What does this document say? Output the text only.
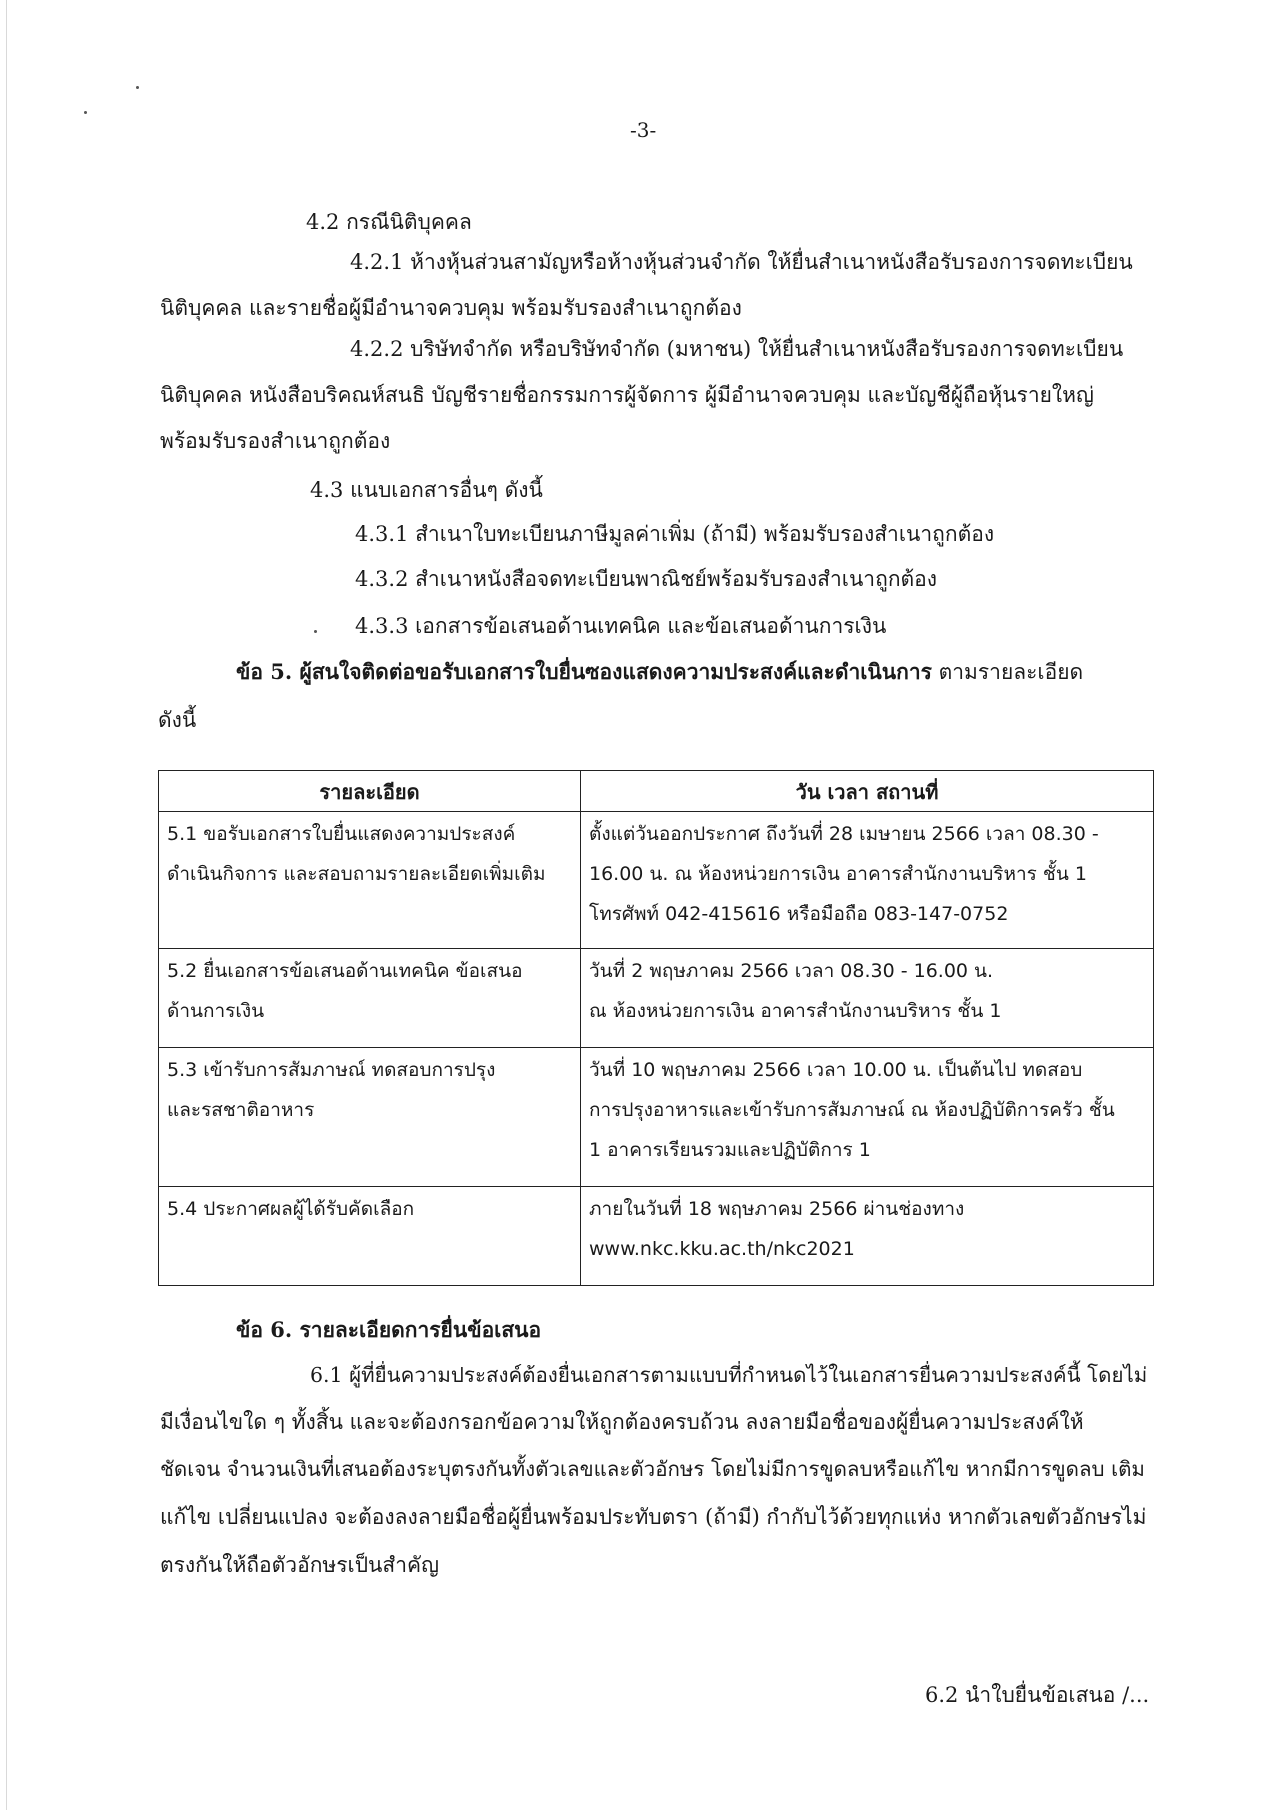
-3-
4.2 กรณีนิติบุคคล
4.2.1 ห้างหุ้นส่วนสามัญหรือห้างหุ้นส่วนจำกัด ให้ยื่นสำเนาหนังสือรับรองการจดทะเบียน
นิติบุคคล และรายชื่อผู้มีอำนาจควบคุม พร้อมรับรองสำเนาถูกต้อง
4.2.2 บริษัทจำกัด หรือบริษัทจำกัด (มหาชน) ให้ยื่นสำเนาหนังสือรับรองการจดทะเบียน
นิติบุคคล หนังสือบริคณห์สนธิ บัญชีรายชื่อกรรมการผู้จัดการ ผู้มีอำนาจควบคุม และบัญชีผู้ถือหุ้นรายใหญ่
พร้อมรับรองสำเนาถูกต้อง
4.3 แนบเอกสารอื่นๆ ดังนี้
4.3.1 สำเนาใบทะเบียนภาษีมูลค่าเพิ่ม (ถ้ามี) พร้อมรับรองสำเนาถูกต้อง
4.3.2 สำเนาหนังสือจดทะเบียนพาณิชย์พร้อมรับรองสำเนาถูกต้อง
4.3.3 เอกสารข้อเสนอด้านเทคนิค และข้อเสนอด้านการเงิน
ข้อ 5. ผู้สนใจติดต่อขอรับเอกสารใบยื่นซองแสดงความประสงค์และดำเนินการ ตามรายละเอียด
ดังนี้
รายละเอียด	วัน เวลา สถานที่

5.1 ขอรับเอกสารใบยื่นแสดงความประสงค์
ดำเนินกิจการ และสอบถามรายละเอียดเพิ่มเติม	ตั้งแต่วันออกประกาศ ถึงวันที่ 28 เมษายน 2566 เวลา 08.30 -
16.00 น. ณ ห้องหน่วยการเงิน อาคารสำนักงานบริหาร ชั้น 1
โทรศัพท์ 042-415616 หรือมือถือ 083-147-0752

5.2 ยื่นเอกสารข้อเสนอด้านเทคนิค ข้อเสนอ
ด้านการเงิน	วันที่ 2 พฤษภาคม 2566 เวลา 08.30 - 16.00 น.
ณ ห้องหน่วยการเงิน อาคารสำนักงานบริหาร ชั้น 1

5.3 เข้ารับการสัมภาษณ์ ทดสอบการปรุง
และรสชาติอาหาร	วันที่ 10 พฤษภาคม 2566 เวลา 10.00 น. เป็นต้นไป ทดสอบ
การปรุงอาหารและเข้ารับการสัมภาษณ์ ณ ห้องปฏิบัติการครัว ชั้น
1 อาคารเรียนรวมและปฏิบัติการ 1

5.4 ประกาศผลผู้ได้รับคัดเลือก	ภายในวันที่ 18 พฤษภาคม 2566 ผ่านช่องทาง
www.nkc.kku.ac.th/nkc2021
ข้อ 6. รายละเอียดการยื่นข้อเสนอ
6.1 ผู้ที่ยื่นความประสงค์ต้องยื่นเอกสารตามแบบที่กำหนดไว้ในเอกสารยื่นความประสงค์นี้ โดยไม่
มีเงื่อนไขใด ๆ ทั้งสิ้น และจะต้องกรอกข้อความให้ถูกต้องครบถ้วน ลงลายมือชื่อของผู้ยื่นความประสงค์ให้
ชัดเจน จำนวนเงินที่เสนอต้องระบุตรงกันทั้งตัวเลขและตัวอักษร โดยไม่มีการขูดลบหรือแก้ไข หากมีการขูดลบ เติม
แก้ไข เปลี่ยนแปลง จะต้องลงลายมือชื่อผู้ยื่นพร้อมประทับตรา (ถ้ามี) กำกับไว้ด้วยทุกแห่ง หากตัวเลขตัวอักษรไม่
ตรงกันให้ถือตัวอักษรเป็นสำคัญ
6.2 นำใบยื่นข้อเสนอ /...
